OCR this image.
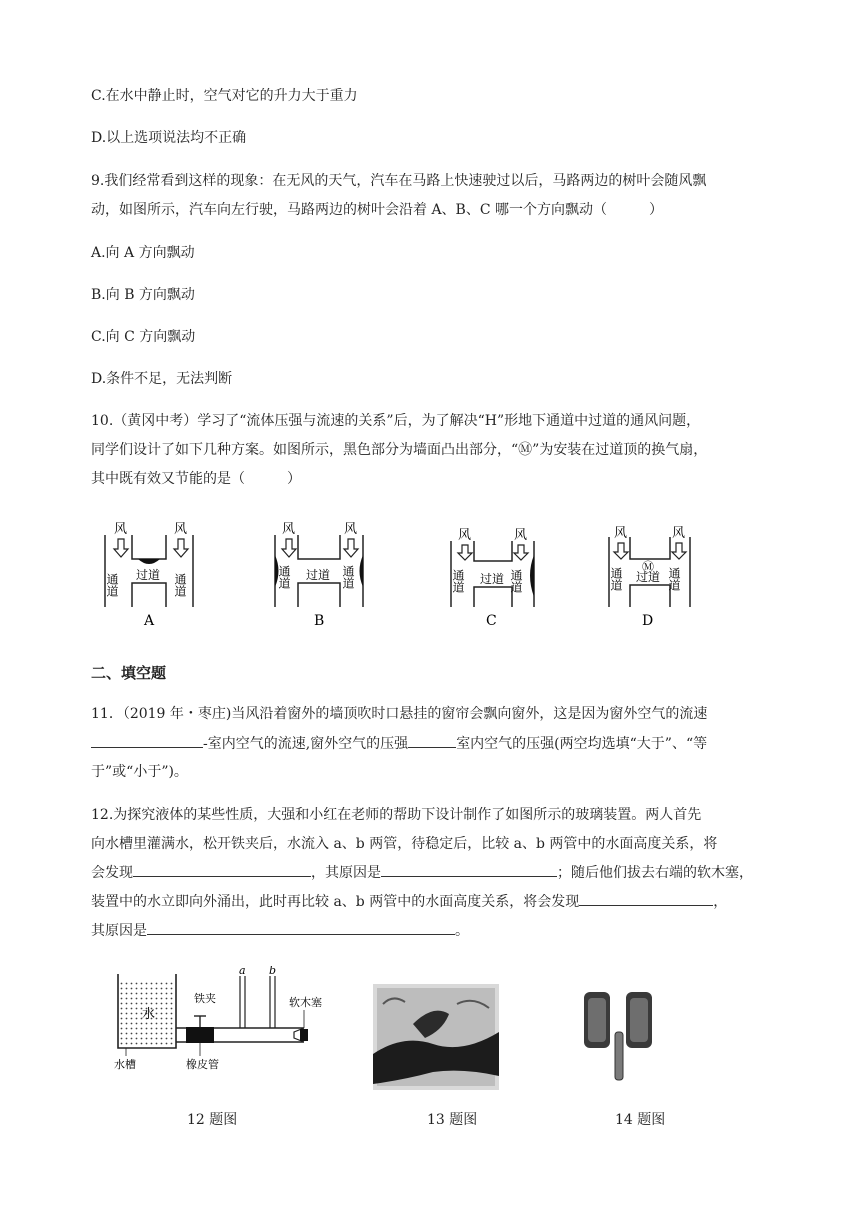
C.在水中静止时，空气对它的升力大于重力
D.以上选项说法均不正确
9.我们经常看到这样的现象：在无风的天气，汽车在马路上快速驶过以后，马路两边的树叶会随风飘
动，如图所示，汽车向左行驶，马路两边的树叶会沿着 A、B、C 哪一个方向飘动（　　　）
A.向 A 方向飘动
B.向 B 方向飘动
C.向 C 方向飘动
D.条件不足，无法判断
10.（黄冈中考）学习了“流体压强与流速的关系”后，为了解决“H”形地下通道中过道的通风问题，
同学们设计了如下几种方案。如图所示，黑色部分为墙面凸出部分，“Ⓜ”为安装在过道顶的换气扇，
其中既有效又节能的是（　　　）
风	风
通道	通道
过道
A
风	风
通道	通道
过道
B
风	风
通道	通道
过道
C
风	风
Ⓜ
通道	通道
过道
D
二、填空题
11．（2019 年・枣庄)当风沿着窗外的墙顶吹时口悬挂的窗帘会飘向窗外，这是因为窗外空气的流速
-室内空气的流速,窗外空气的压强	室内空气的压强(两空均选填“大于”、“等
于”或“小于”)。
12.为探究液体的某些性质，大强和小红在老师的帮助下设计制作了如图所示的玻璃装置。两人首先
向水槽里灌满水，松开铁夹后，水流入 a、b 两管，待稳定后，比较 a、b 两管中的水面高度关系，将
会发现	，其原因是	；随后他们拔去右端的软木塞，
装置中的水立即向外涌出，此时再比较 a、b 两管中的水面高度关系，将会发现	，
其原因是	。
水
铁夹
a b
软木塞
水槽	橡皮管
12 题图	13 题图	14 题图
